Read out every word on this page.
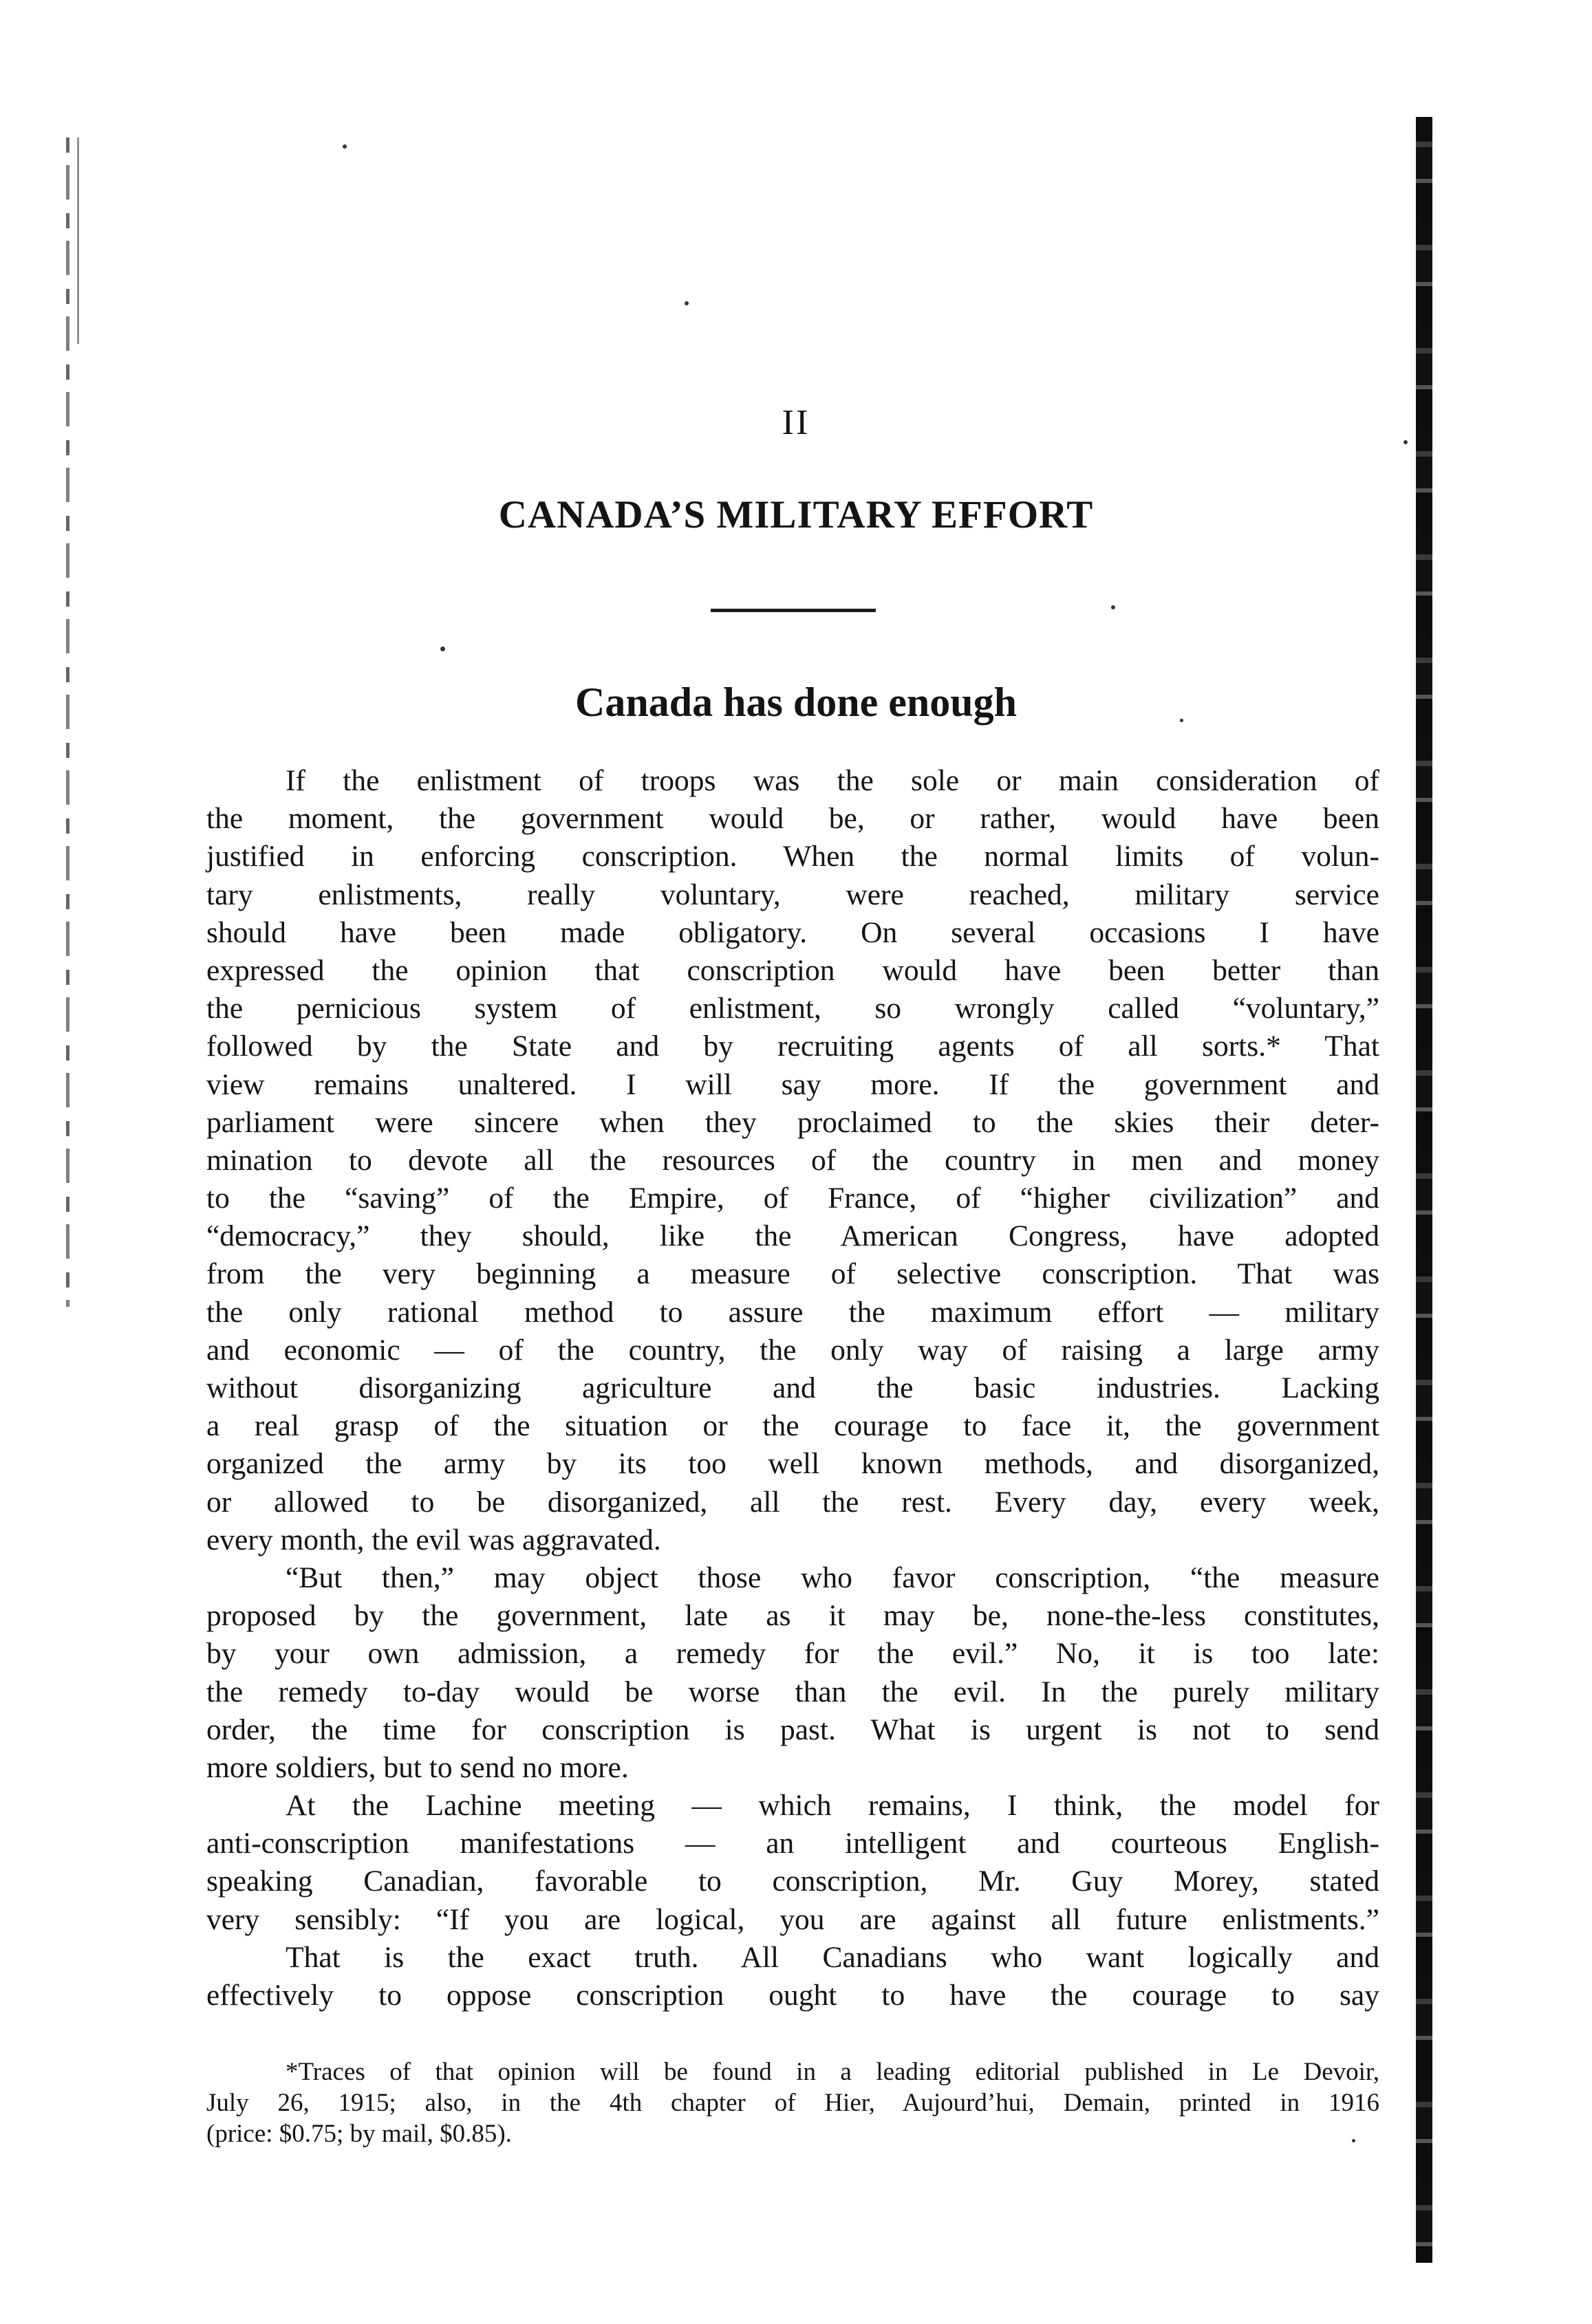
II
CANADA’S MILITARY EFFORT
Canada has done enough
If the enlistment of troops was the sole or main consideration of
the moment, the government would be, or rather, would have been
justified in enforcing conscription. When the normal limits of volun-
tary enlistments, really voluntary, were reached, military service
should have been made obligatory. On several occasions I have
expressed the opinion that conscription would have been better than
the pernicious system of enlistment, so wrongly called “voluntary,”
followed by the State and by recruiting agents of all sorts.* That
view remains unaltered. I will say more. If the government and
parliament were sincere when they proclaimed to the skies their deter-
mination to devote all the resources of the country in men and money
to the “saving” of the Empire, of France, of “higher civilization” and
“democracy,” they should, like the American Congress, have adopted
from the very beginning a measure of selective conscription. That was
the only rational method to assure the maximum effort — military
and economic — of the country, the only way of raising a large army
without disorganizing agriculture and the basic industries. Lacking
a real grasp of the situation or the courage to face it, the government
organized the army by its too well known methods, and disorganized,
or allowed to be disorganized, all the rest. Every day, every week,
every month, the evil was aggravated.
“But then,” may object those who favor conscription, “the measure
proposed by the government, late as it may be, none-the-less constitutes,
by your own admission, a remedy for the evil.” No, it is too late:
the remedy to-day would be worse than the evil. In the purely military
order, the time for conscription is past. What is urgent is not to send
more soldiers, but to send no more.
At the Lachine meeting — which remains, I think, the model for
anti-conscription manifestations — an intelligent and courteous English-
speaking Canadian, favorable to conscription, Mr. Guy Morey, stated
very sensibly: “If you are logical, you are against all future enlistments.”
That is the exact truth. All Canadians who want logically and
effectively to oppose conscription ought to have the courage to say
*Traces of that opinion will be found in a leading editorial published in Le Devoir,
July 26, 1915; also, in the 4th chapter of Hier, Aujourd’hui, Demain, printed in 1916
(price: $0.75; by mail, $0.85).
